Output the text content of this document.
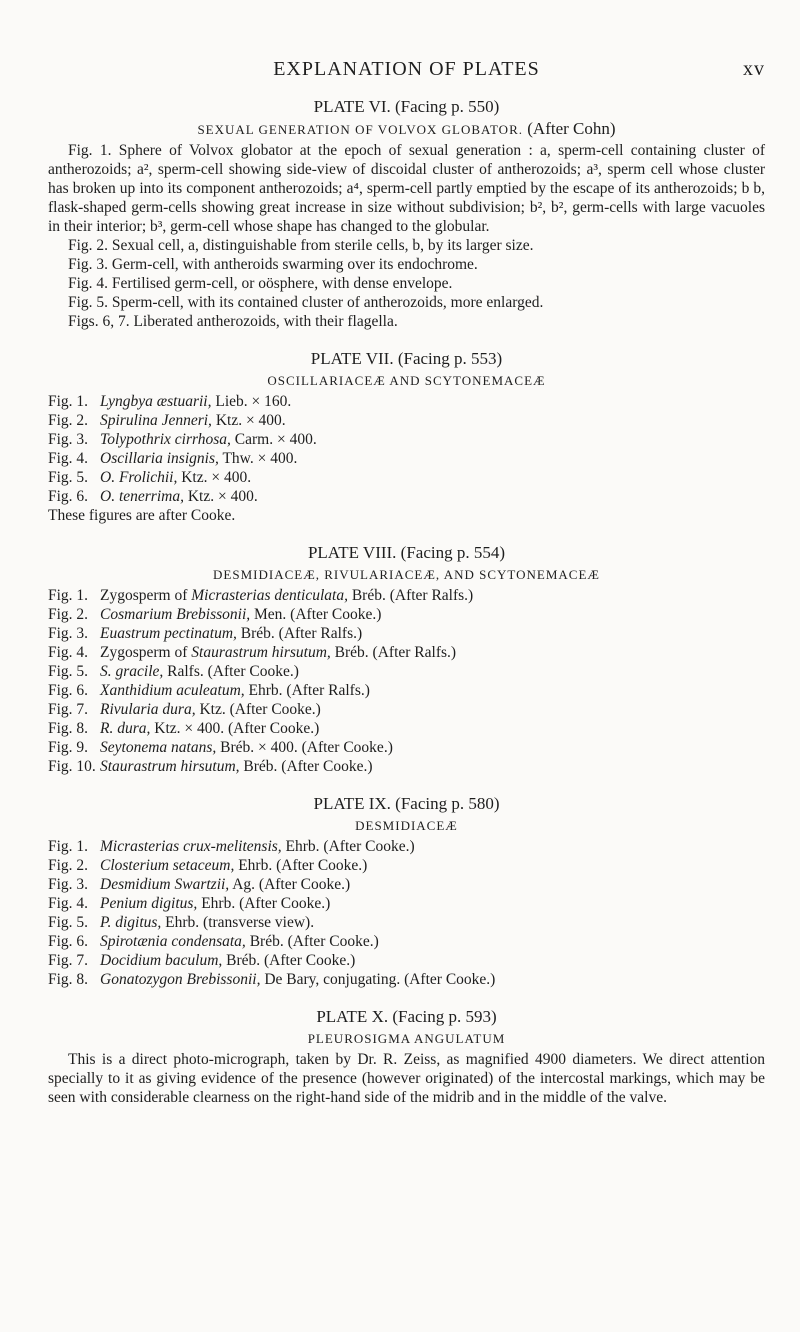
EXPLANATION OF PLATES	xv
PLATE VI. (Facing p. 550)
SEXUAL GENERATION OF VOLVOX GLOBATOR. (After Cohn)

Fig. 1. Sphere of Volvox globator at the epoch of sexual generation : a, sperm-cell containing cluster of antherozoids; a², sperm-cell showing side-view of discoidal cluster of antherozoids; a³, sperm cell whose cluster has broken up into its component antherozoids; a⁴, sperm-cell partly emptied by the escape of its antherozoids; b b, flask-shaped germ-cells showing great increase in size without subdivision; b², b², germ-cells with large vacuoles in their interior; b³, germ-cell whose shape has changed to the globular.

Fig. 2. Sexual cell, a, distinguishable from sterile cells, b, by its larger size.

Fig. 3. Germ-cell, with antheroids swarming over its endochrome.

Fig. 4. Fertilised germ-cell, or oösphere, with dense envelope.

Fig. 5. Sperm-cell, with its contained cluster of antherozoids, more enlarged.

Figs. 6, 7. Liberated antherozoids, with their flagella.

PLATE VII. (Facing p. 553)
OSCILLARIACEÆ AND SCYTONEMACEÆ
Fig. 1. Lyngbya æstuarii, Lieb. × 160.
Fig. 2. Spirulina Jenneri, Ktz. × 400.
Fig. 3. Tolypothrix cirrhosa, Carm. × 400.
Fig. 4. Oscillaria insignis, Thw. × 400.
Fig. 5. O. Frolichii, Ktz. × 400.
Fig. 6. O. tenerrima, Ktz. × 400.

These figures are after Cooke.

PLATE VIII. (Facing p. 554)
DESMIDIACEÆ, RIVULARIACEÆ, AND SCYTONEMACEÆ
Fig. 1. Zygosperm of Micrasterias denticulata, Bréb. (After Ralfs.)
Fig. 2. Cosmarium Brebissonii, Men. (After Cooke.)
Fig. 3. Euastrum pectinatum, Bréb. (After Ralfs.)
Fig. 4. Zygosperm of Staurastrum hirsutum, Bréb. (After Ralfs.)
Fig. 5. S. gracile, Ralfs. (After Cooke.)
Fig. 6. Xanthidium aculeatum, Ehrb. (After Ralfs.)
Fig. 7. Rivularia dura, Ktz. (After Cooke.)
Fig. 8. R. dura, Ktz. × 400. (After Cooke.)
Fig. 9. Seytonema natans, Bréb. × 400. (After Cooke.)
Fig. 10. Staurastrum hirsutum, Bréb. (After Cooke.)
PLATE IX. (Facing p. 580)
DESMIDIACEÆ
Fig. 1. Micrasterias crux-melitensis, Ehrb. (After Cooke.)
Fig. 2. Closterium setaceum, Ehrb. (After Cooke.)
Fig. 3. Desmidium Swartzii, Ag. (After Cooke.)
Fig. 4. Penium digitus, Ehrb. (After Cooke.)
Fig. 5. P. digitus, Ehrb. (transverse view).
Fig. 6. Spirotænia condensata, Bréb. (After Cooke.)
Fig. 7. Docidium baculum, Bréb. (After Cooke.)
Fig. 8. Gonatozygon Brebissonii, De Bary, conjugating. (After Cooke.)
PLATE X. (Facing p. 593)
PLEUROSIGMA ANGULATUM

This is a direct photo-micrograph, taken by Dr. R. Zeiss, as magnified 4900 diameters. We direct attention specially to it as giving evidence of the presence (however originated) of the intercostal markings, which may be seen with considerable clearness on the right-hand side of the midrib and in the middle of the valve.
